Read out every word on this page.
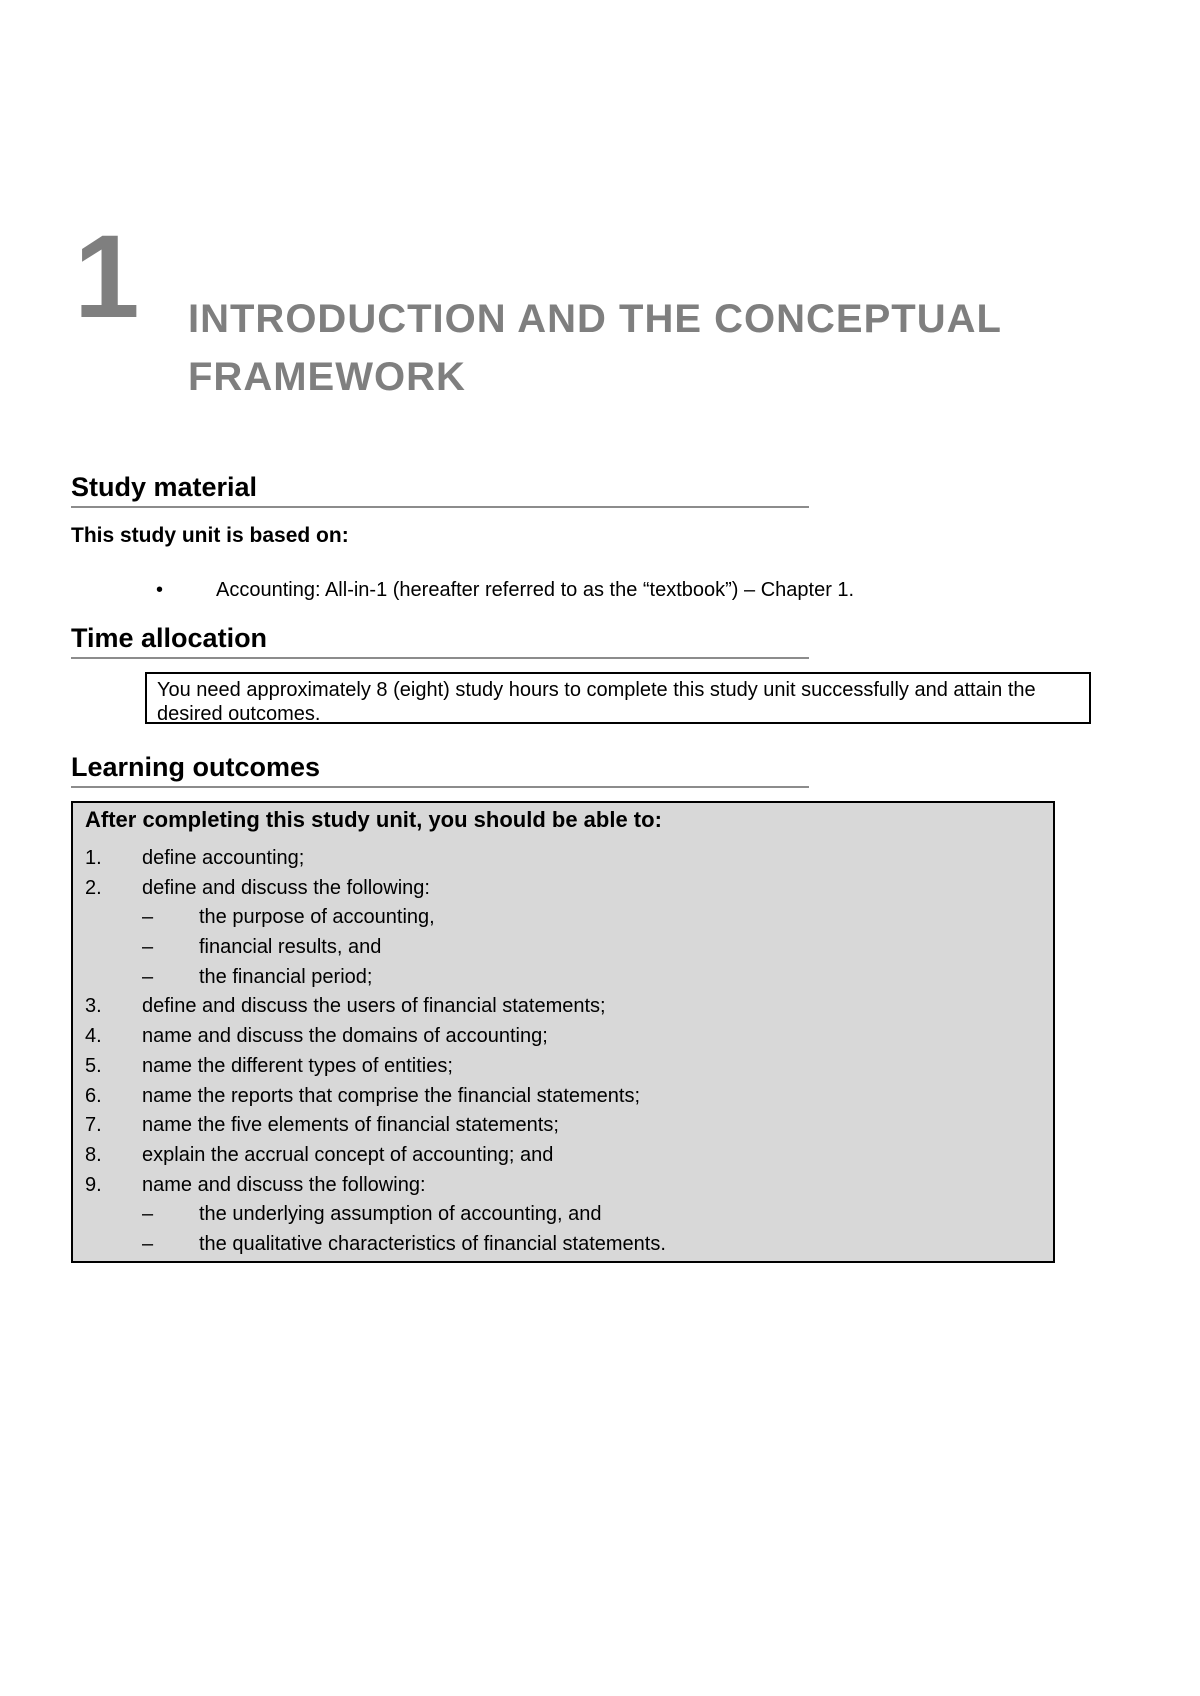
1 INTRODUCTION AND THE CONCEPTUAL
FRAMEWORK
Study material
This study unit is based on:
•	Accounting: All-in-1 (hereafter referred to as the “textbook”) – Chapter 1.
Time allocation
You need approximately 8 (eight) study hours to complete this study unit successfully and attain the desired outcomes.
Learning outcomes
After completing this study unit, you should be able to:
1. define accounting;
2. define and discuss the following:
– the purpose of accounting,
– financial results, and
– the financial period;
3. define and discuss the users of financial statements;
4. name and discuss the domains of accounting;
5. name the different types of entities;
6. name the reports that comprise the financial statements;
7. name the five elements of financial statements;
8. explain the accrual concept of accounting; and
9. name and discuss the following:
– the underlying assumption of accounting, and
– the qualitative characteristics of financial statements.
